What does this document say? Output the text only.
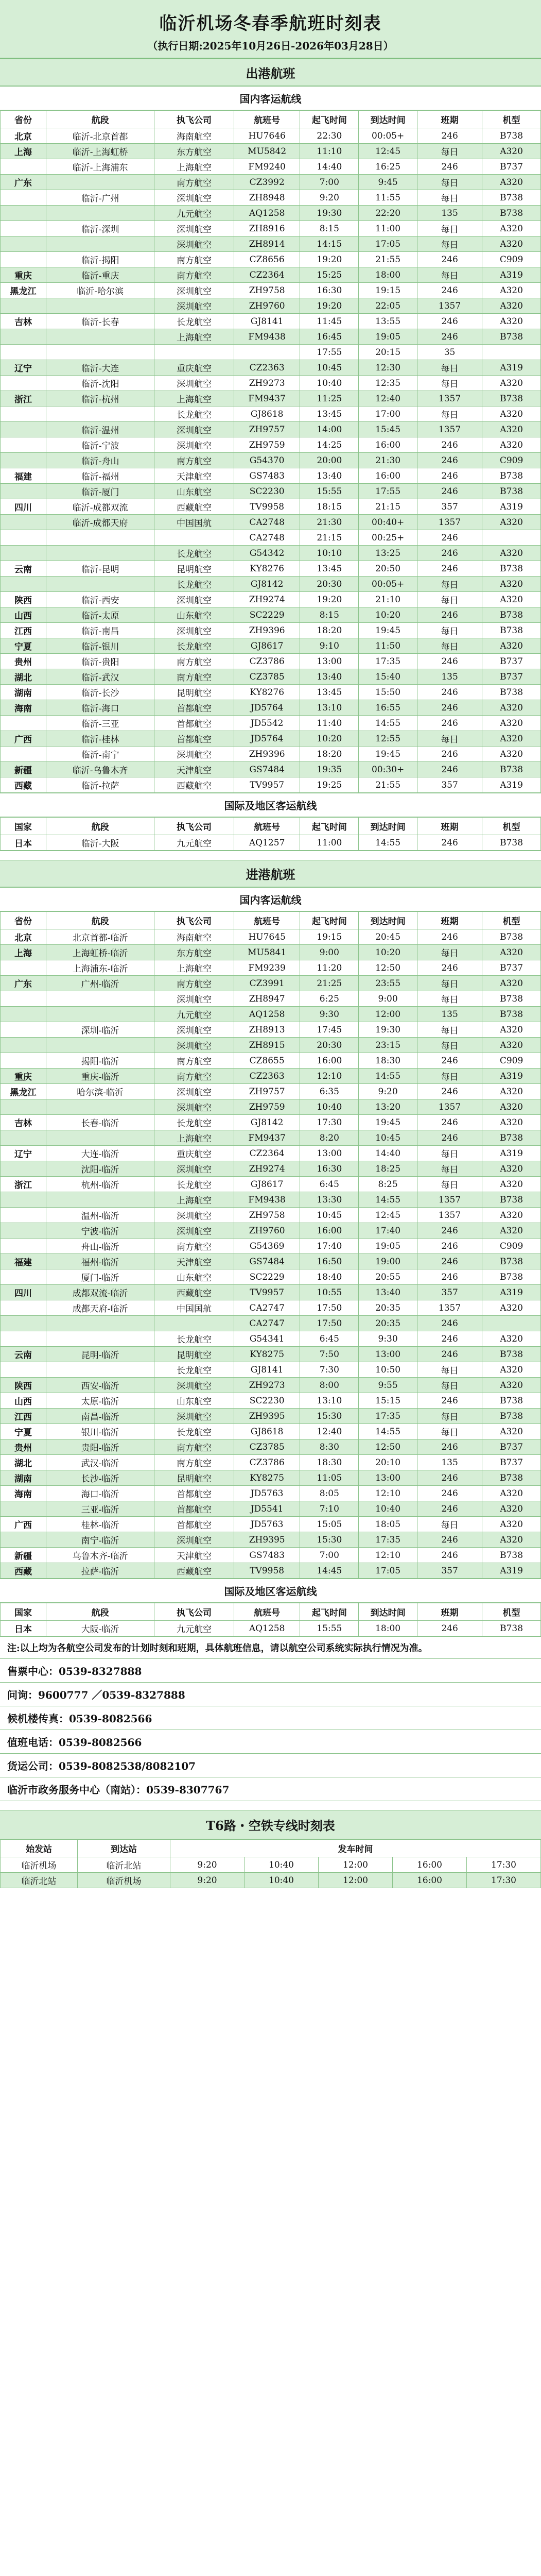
临沂机场冬春季航班时刻表
（执行日期:2025年10月26日-2026年03月28日）
出港航班
国内客运航线
省份	航段	执飞公司	航班号	起飞时间	到达时间	班期	机型
北京	临沂-北京首都	海南航空	HU7646	22:30	00:05+	246	B738
上海	临沂-上海虹桥	东方航空	MU5842	11:10	12:45	每日	A320
	临沂-上海浦东	上海航空	FM9240	14:40	16:25	246	B737
广东		南方航空	CZ3992	7:00	9:45	每日	A320
	临沂-广州	深圳航空	ZH8948	9:20	11:55	每日	B738
		九元航空	AQ1258	19:30	22:20	135	B738
	临沂-深圳	深圳航空	ZH8916	8:15	11:00	每日	A320
		深圳航空	ZH8914	14:15	17:05	每日	A320
	临沂-揭阳	南方航空	CZ8656	19:20	21:55	246	C909
重庆	临沂-重庆	南方航空	CZ2364	15:25	18:00	每日	A319
黑龙江	临沂-哈尔滨	深圳航空	ZH9758	16:30	19:15	246	A320
		深圳航空	ZH9760	19:20	22:05	1357	A320
吉林	临沂-长春	长龙航空	GJ8141	11:45	13:55	246	A320
		上海航空	FM9438	16:45	19:05	246	B738
				17:55	20:15	35	
辽宁	临沂-大连	重庆航空	CZ2363	10:45	12:30	每日	A319
	临沂-沈阳	深圳航空	ZH9273	10:40	12:35	每日	A320
浙江	临沂-杭州	上海航空	FM9437	11:25	12:40	1357	B738
		长龙航空	GJ8618	13:45	17:00	每日	A320
	临沂-温州	深圳航空	ZH9757	14:00	15:45	1357	A320
	临沂-宁波	深圳航空	ZH9759	14:25	16:00	246	A320
	临沂-舟山	南方航空	G54370	20:00	21:30	246	C909
福建	临沂-福州	天津航空	GS7483	13:40	16:00	246	B738
	临沂-厦门	山东航空	SC2230	15:55	17:55	246	B738
四川	临沂-成都双流	西藏航空	TV9958	18:15	21:15	357	A319
	临沂-成都天府	中国国航	CA2748	21:30	00:40+	1357	A320
			CA2748	21:15	00:25+	246	
		长龙航空	G54342	10:10	13:25	246	A320
云南	临沂-昆明	昆明航空	KY8276	13:45	20:50	246	B738
		长龙航空	GJ8142	20:30	00:05+	每日	A320
陕西	临沂-西安	深圳航空	ZH9274	19:20	21:10	每日	A320
山西	临沂-太原	山东航空	SC2229	8:15	10:20	246	B738
江西	临沂-南昌	深圳航空	ZH9396	18:20	19:45	每日	B738
宁夏	临沂-银川	长龙航空	GJ8617	9:10	11:50	每日	A320
贵州	临沂-贵阳	南方航空	CZ3786	13:00	17:35	246	B737
湖北	临沂-武汉	南方航空	CZ3785	13:40	15:40	135	B737
湖南	临沂-长沙	昆明航空	KY8276	13:45	15:50	246	B738
海南	临沂-海口	首都航空	JD5764	13:10	16:55	246	A320
	临沂-三亚	首都航空	JD5542	11:40	14:55	246	A320
广西	临沂-桂林	首都航空	JD5764	10:20	12:55	每日	A320
	临沂-南宁	深圳航空	ZH9396	18:20	19:45	246	A320
新疆	临沂-乌鲁木齐	天津航空	GS7484	19:35	00:30+	246	B738
西藏	临沂-拉萨	西藏航空	TV9957	19:25	21:55	357	A319
国际及地区客运航线
国家	航段	执飞公司	航班号	起飞时间	到达时间	班期	机型
日本	临沂-大阪	九元航空	AQ1257	11:00	14:55	246	B738
进港航班
国内客运航线
省份	航段	执飞公司	航班号	起飞时间	到达时间	班期	机型
北京	北京首都-临沂	海南航空	HU7645	19:15	20:45	246	B738
上海	上海虹桥-临沂	东方航空	MU5841	9:00	10:20	每日	A320
	上海浦东-临沂	上海航空	FM9239	11:20	12:50	246	B737
广东	广州-临沂	南方航空	CZ3991	21:25	23:55	每日	A320
		深圳航空	ZH8947	6:25	9:00	每日	B738
		九元航空	AQ1258	9:30	12:00	135	B738
	深圳-临沂	深圳航空	ZH8913	17:45	19:30	每日	A320
		深圳航空	ZH8915	20:30	23:15	每日	A320
	揭阳-临沂	南方航空	CZ8655	16:00	18:30	246	C909
重庆	重庆-临沂	南方航空	CZ2363	12:10	14:55	每日	A319
黑龙江	哈尔滨-临沂	深圳航空	ZH9757	6:35	9:20	246	A320
		深圳航空	ZH9759	10:40	13:20	1357	A320
吉林	长春-临沂	长龙航空	GJ8142	17:30	19:45	246	A320
		上海航空	FM9437	8:20	10:45	246	B738
辽宁	大连-临沂	重庆航空	CZ2364	13:00	14:40	每日	A319
	沈阳-临沂	深圳航空	ZH9274	16:30	18:25	每日	A320
浙江	杭州-临沂	长龙航空	GJ8617	6:45	8:25	每日	A320
		上海航空	FM9438	13:30	14:55	1357	B738
	温州-临沂	深圳航空	ZH9758	10:45	12:45	1357	A320
	宁波-临沂	深圳航空	ZH9760	16:00	17:40	246	A320
	舟山-临沂	南方航空	G54369	17:40	19:05	246	C909
福建	福州-临沂	天津航空	GS7484	16:50	19:00	246	B738
	厦门-临沂	山东航空	SC2229	18:40	20:55	246	B738
四川	成都双流-临沂	西藏航空	TV9957	10:55	13:40	357	A319
	成都天府-临沂	中国国航	CA2747	17:50	20:35	1357	A320
			CA2747	17:50	20:35	246	
		长龙航空	G54341	6:45	9:30	246	A320
云南	昆明-临沂	昆明航空	KY8275	7:50	13:00	246	B738
		长龙航空	GJ8141	7:30	10:50	每日	A320
陕西	西安-临沂	深圳航空	ZH9273	8:00	9:55	每日	A320
山西	太原-临沂	山东航空	SC2230	13:10	15:15	246	B738
江西	南昌-临沂	深圳航空	ZH9395	15:30	17:35	每日	B738
宁夏	银川-临沂	长龙航空	GJ8618	12:40	14:55	每日	A320
贵州	贵阳-临沂	南方航空	CZ3785	8:30	12:50	246	B737
湖北	武汉-临沂	南方航空	CZ3786	18:30	20:10	135	B737
湖南	长沙-临沂	昆明航空	KY8275	11:05	13:00	246	B738
海南	海口-临沂	首都航空	JD5763	8:05	12:10	246	A320
	三亚-临沂	首都航空	JD5541	7:10	10:40	246	A320
广西	桂林-临沂	首都航空	JD5763	15:05	18:05	每日	A320
	南宁-临沂	深圳航空	ZH9395	15:30	17:35	246	A320
新疆	乌鲁木齐-临沂	天津航空	GS7483	7:00	12:10	246	B738
西藏	拉萨-临沂	西藏航空	TV9958	14:45	17:05	357	A319
国际及地区客运航线
国家	航段	执飞公司	航班号	起飞时间	到达时间	班期	机型
日本	大阪-临沂	九元航空	AQ1258	15:55	18:00	246	B738
注:以上均为各航空公司发布的计划时刻和班期，具体航班信息，请以航空公司系统实际执行情况为准。
售票中心：0539-8327888
问询：9600777 ／0539-8327888
候机楼传真：0539-8082566
值班电话：0539-8082566
货运公司：0539-8082538/8082107
临沂市政务服务中心（南站）：0539-8307767
T6路・空铁专线时刻表
始发站	到达站	发车时间				
临沂机场	临沂北站	9:20	10:40	12:00	16:00	17:30
临沂北站	临沂机场	9:20	10:40	12:00	16:00	17:30
